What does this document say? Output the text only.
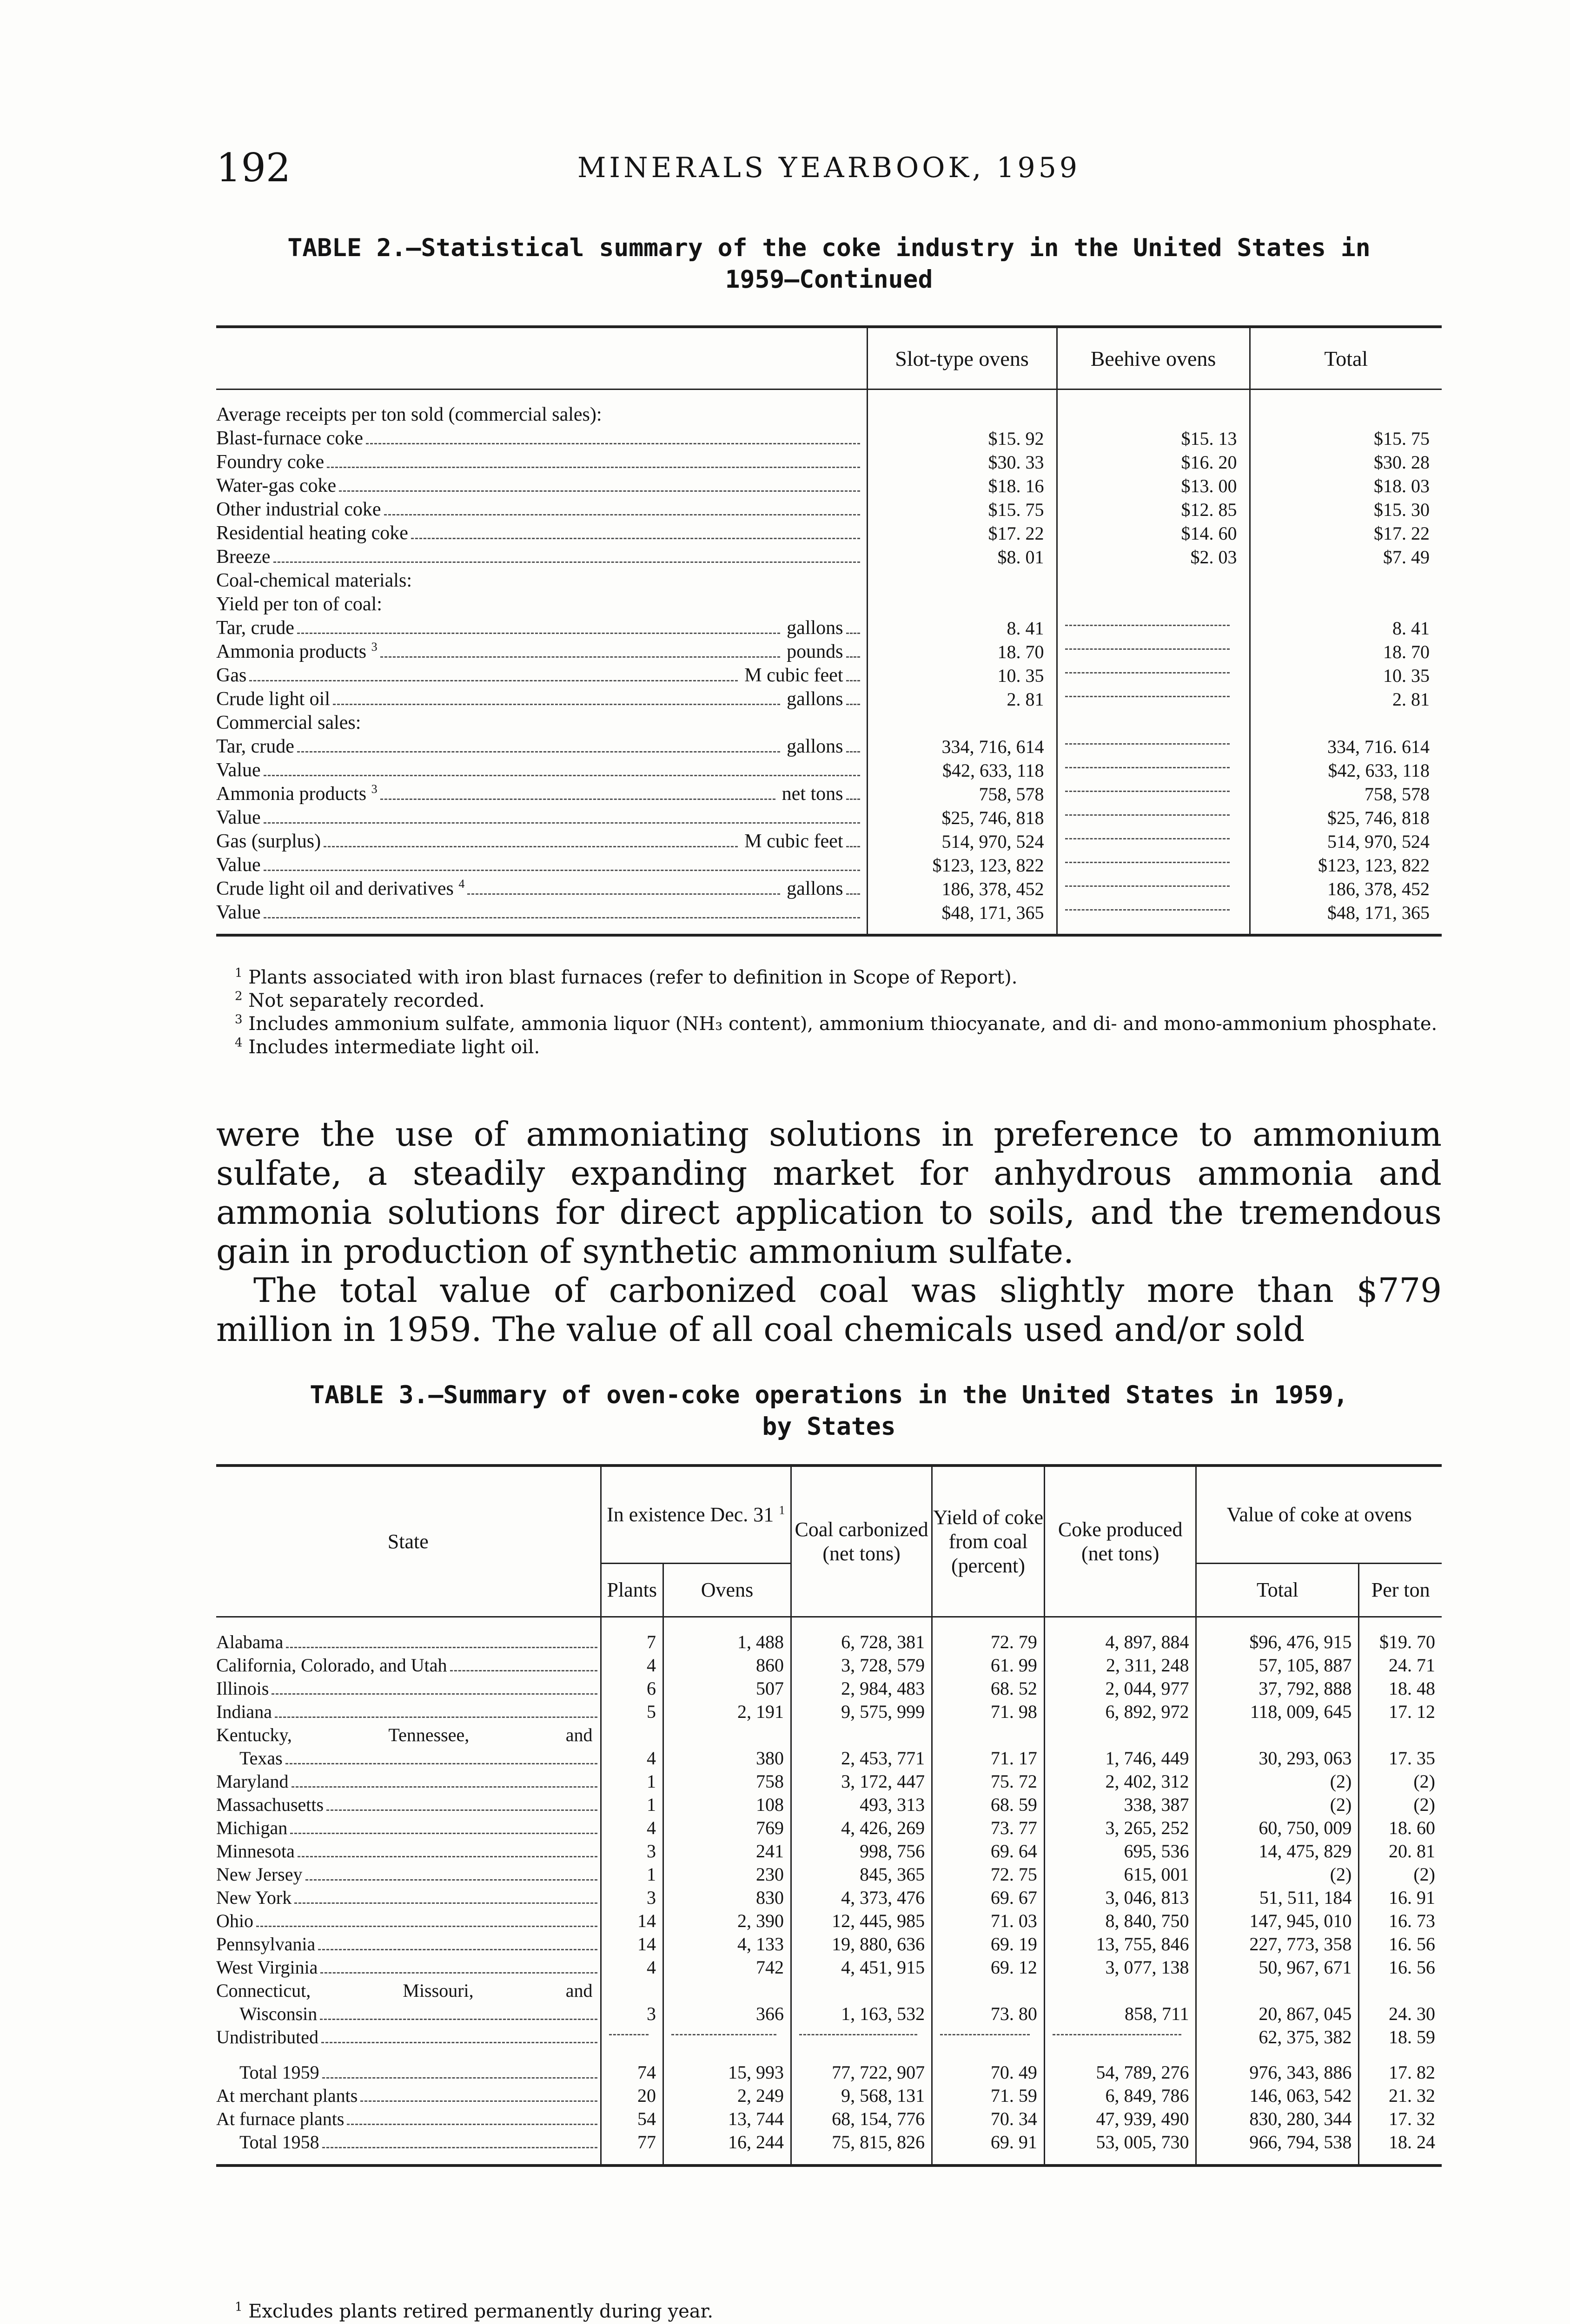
192	MINERALS YEARBOOK, 1959
TABLE 2.—Statistical summary of the coke industry in the United States in
1959—Continued
	Slot-type ovens	Beehive ovens	Total

Average receipts per ton sold (commercial sales):			

Blast-furnace coke	$15. 92	$15. 13	$15. 75

Foundry coke	$30. 33	$16. 20	$30. 28

Water-gas coke	$18. 16	$13. 00	$18. 03

Other industrial coke	$15. 75	$12. 85	$15. 30

Residential heating coke	$17. 22	$14. 60	$17. 22

Breeze	$8. 01	$2. 03	$7. 49
Coal-chemical materials:			
Yield per ton of coal:			

Tar, crude gallons	8. 41		8. 41

Ammonia products $^3$ pounds	18. 70		18. 70

Gas M cubic feet	10. 35		10. 35

Crude light oil gallons	2. 81		2. 81
Commercial sales:			

Tar, crude gallons	334, 716, 614		334, 716. 614

Value	$42, 633, 118		$42, 633, 118

Ammonia products $^3$ net tons	758, 578		758, 578

Value	$25, 746, 818		$25, 746, 818

Gas (surplus) M cubic feet	514, 970, 524		514, 970, 524

Value	$123, 123, 822		$123, 123, 822

Crude light oil and derivatives $^4$ gallons	186, 378, 452		186, 378, 452

Value	$48, 171, 365		$48, 171, 365

$^1$ Plants associated with iron blast furnaces (refer to definition in Scope of Report).

$^2$ Not separately recorded.

$^3$ Includes ammonium sulfate, ammonia liquor (NH₃ content), ammonium thiocyanate, and di- and mono-ammonium phosphate.

$^4$ Includes intermediate light oil.

were the use of ammoniating solutions in preference to ammonium sulfate, a steadily expanding market for anhydrous ammonia and ammonia solutions for direct application to soils, and the tremendous gain in production of synthetic ammonium sulfate.

The total value of carbonized coal was slightly more than $779 million in 1959. The value of all coal chemicals used and/or sold

TABLE 3.—Summary of oven-coke operations in the United States in 1959,
by States
State	In existence Dec. 31 $^1$		Coal carbonized (net tons)	Yield of coke from coal (percent)	Coke produced (net tons)	Value of coke at ovens	
	Plants	Ovens				Total	Per ton

Alabama	7	1, 488	6, 728, 381	72. 79	4, 897, 884	$96, 476, 915	$19. 70

California, Colorado, and Utah	4	860	3, 728, 579	61. 99	2, 311, 248	57, 105, 887	24. 71

Illinois	6	507	2, 984, 483	68. 52	2, 044, 977	37, 792, 888	18. 48

Indiana	5	2, 191	9, 575, 999	71. 98	6, 892, 972	118, 009, 645	17. 12

Kentucky, Tennessee, and
Texas	4	380	2, 453, 771	71. 17	1, 746, 449	30, 293, 063	17. 35

Maryland	1	758	3, 172, 447	75. 72	2, 402, 312	(2)	(2)

Massachusetts	1	108	493, 313	68. 59	338, 387	(2)	(2)

Michigan	4	769	4, 426, 269	73. 77	3, 265, 252	60, 750, 009	18. 60

Minnesota	3	241	998, 756	69. 64	695, 536	14, 475, 829	20. 81

New Jersey	1	230	845, 365	72. 75	615, 001	(2)	(2)

New York	3	830	4, 373, 476	69. 67	3, 046, 813	51, 511, 184	16. 91

Ohio	14	2, 390	12, 445, 985	71. 03	8, 840, 750	147, 945, 010	16. 73

Pennsylvania	14	4, 133	19, 880, 636	69. 19	13, 755, 846	227, 773, 358	16. 56

West Virginia	4	742	4, 451, 915	69. 12	3, 077, 138	50, 967, 671	16. 56

Connecticut, Missouri, and
Wisconsin	3	366	1, 163, 532	73. 80	858, 711	20, 867, 045	24. 30

Undistributed						62, 375, 382	18. 59

Total 1959	74	15, 993	77, 722, 907	70. 49	54, 789, 276	976, 343, 886	17. 82

At merchant plants	20	2, 249	9, 568, 131	71. 59	6, 849, 786	146, 063, 542	21. 32

At furnace plants	54	13, 744	68, 154, 776	70. 34	47, 939, 490	830, 280, 344	17. 32

Total 1958	77	16, 244	75, 815, 826	69. 91	53, 005, 730	966, 794, 538	18. 24

$^1$ Excludes plants retired permanently during year.
